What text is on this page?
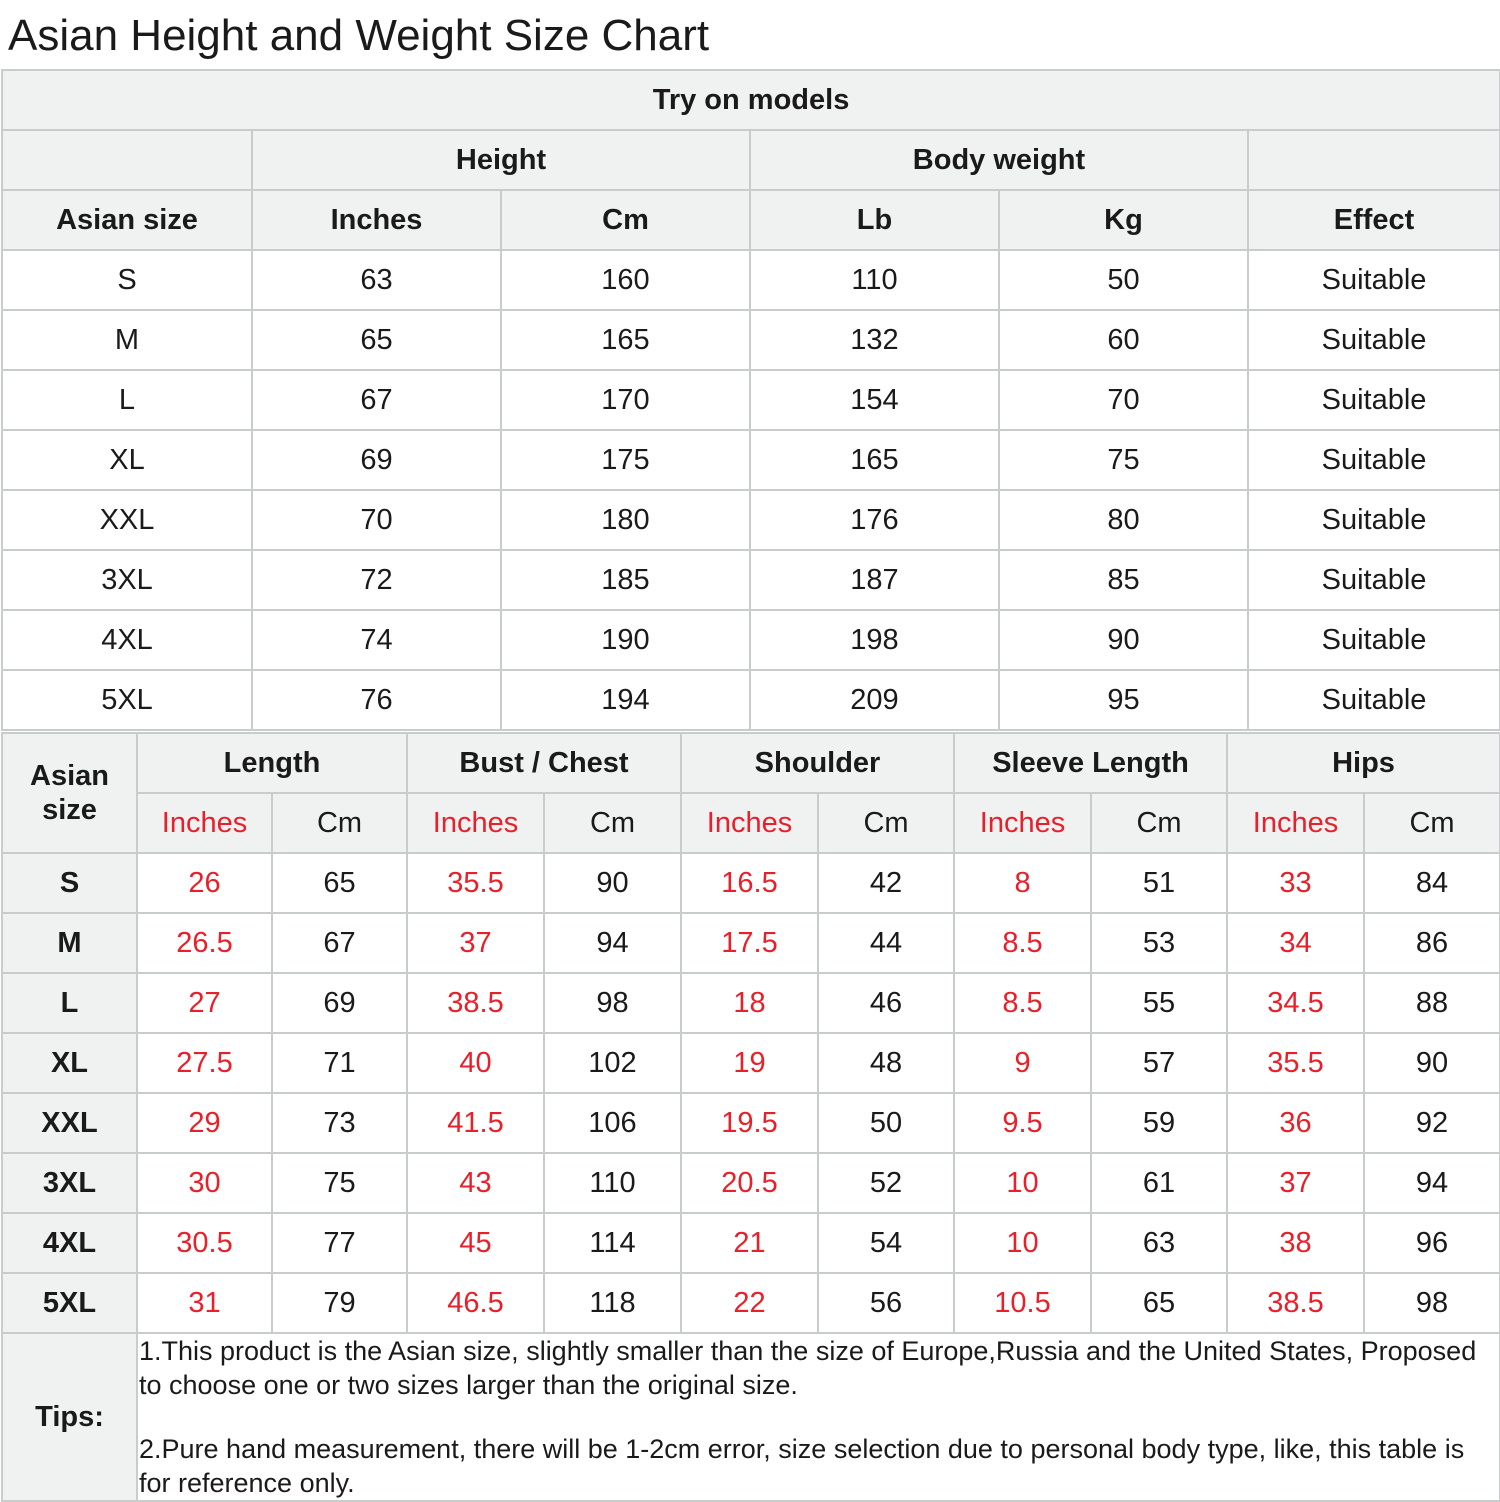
Asian Height and Weight Size Chart
Try on models					
	Height		Body weight		
Asian size	Inches	Cm	Lb	Kg	Effect
S	63	160	110	50	Suitable
M	65	165	132	60	Suitable
L	67	170	154	70	Suitable
XL	69	175	165	75	Suitable
XXL	70	180	176	80	Suitable
3XL	72	185	187	85	Suitable
4XL	74	190	198	90	Suitable
5XL	76	194	209	95	Suitable
Asian
size	Length		Bust / Chest		Shoulder		Sleeve Length		Hips	
	Inches	Cm	Inches	Cm	Inches	Cm	Inches	Cm	Inches	Cm
S	26	65	35.5	90	16.5	42	8	51	33	84
M	26.5	67	37	94	17.5	44	8.5	53	34	86
L	27	69	38.5	98	18	46	8.5	55	34.5	88
XL	27.5	71	40	102	19	48	9	57	35.5	90
XXL	29	73	41.5	106	19.5	50	9.5	59	36	92
3XL	30	75	43	110	20.5	52	10	61	37	94
4XL	30.5	77	45	114	21	54	10	63	38	96
5XL	31	79	46.5	118	22	56	10.5	65	38.5	98
Tips:	1.This product is the Asian size, slightly smaller than the size of Europe,Russia and the United States, Proposed to choose one or two sizes larger than the original size.

2.Pure hand measurement, there will be 1-2cm error, size selection due to personal body type, like, this table is for reference only.									
